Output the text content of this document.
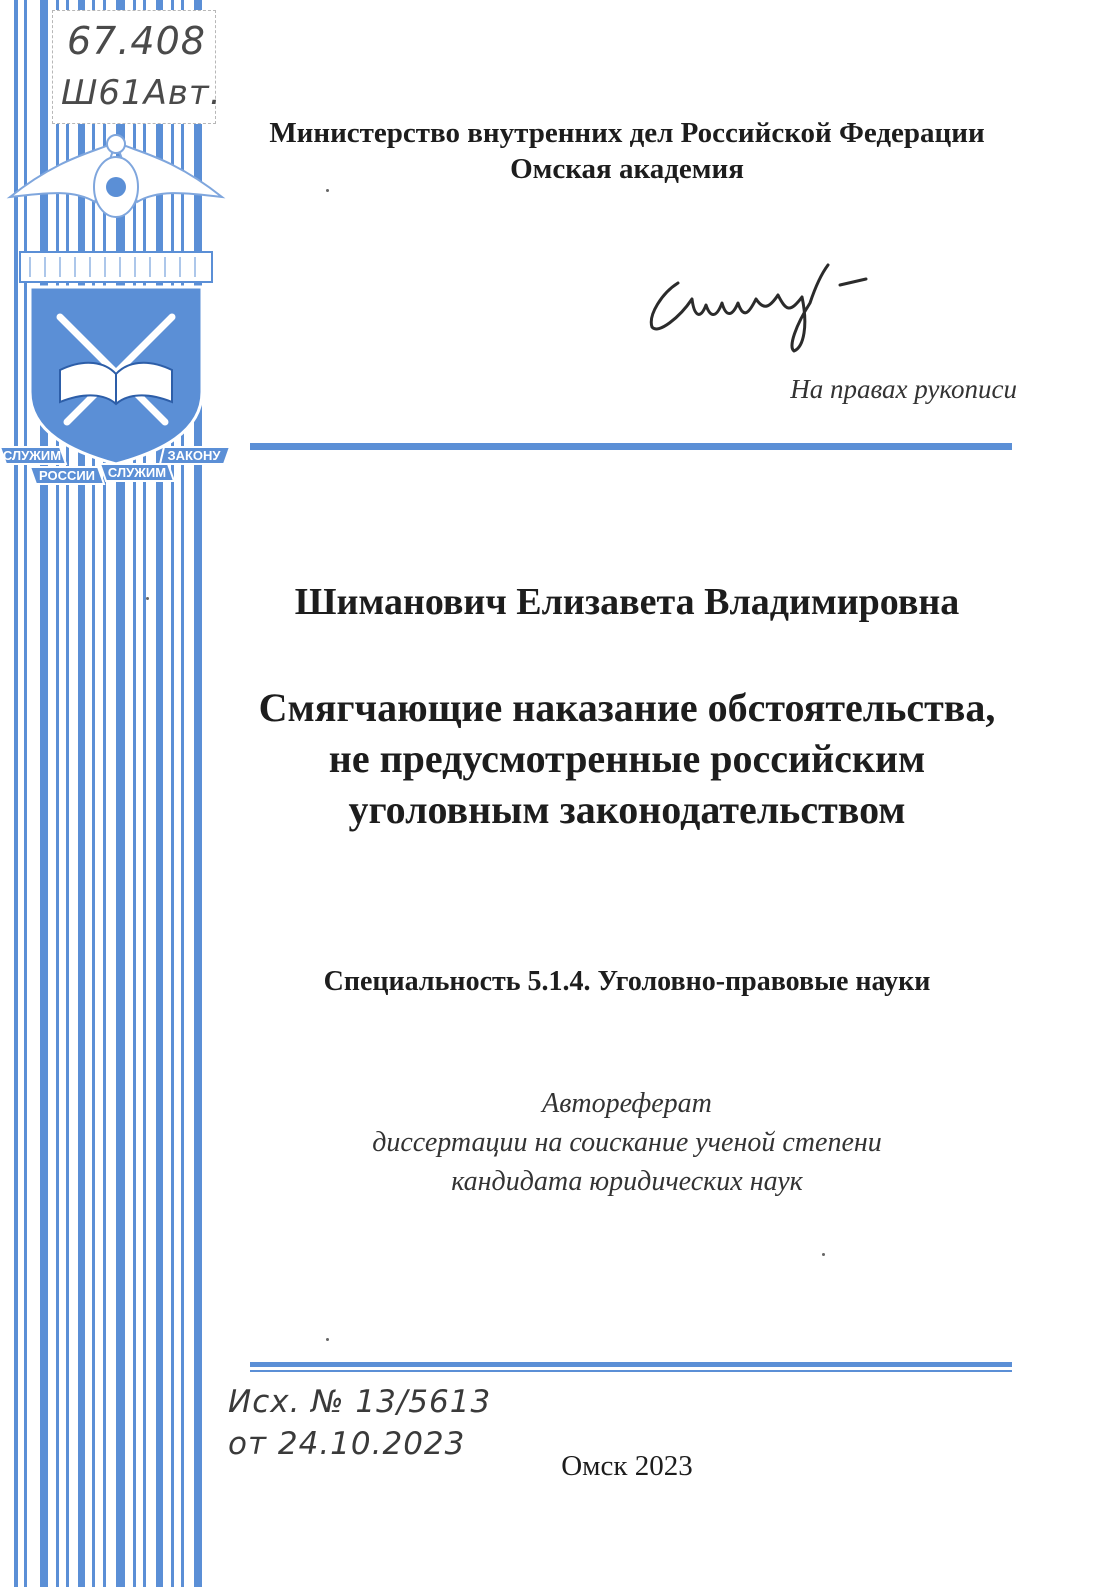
СЛУЖИМ
РОССИИ СЛУЖИМ
ЗАКОНУ
67.408
Ш61Авт.
Министерство внутренних дел Российской Федерации
Омская академия
На правах рукописи
Шиманович Елизавета Владимировна
Смягчающие наказание обстоятельства,
не предусмотренные российским
уголовным законодательством
Специальность 5.1.4. Уголовно-правовые науки
Автореферат
диссертации на соискание ученой степени
кандидата юридических наук
Исх. № 13/5613
от 24.10.2023
Омск 2023
